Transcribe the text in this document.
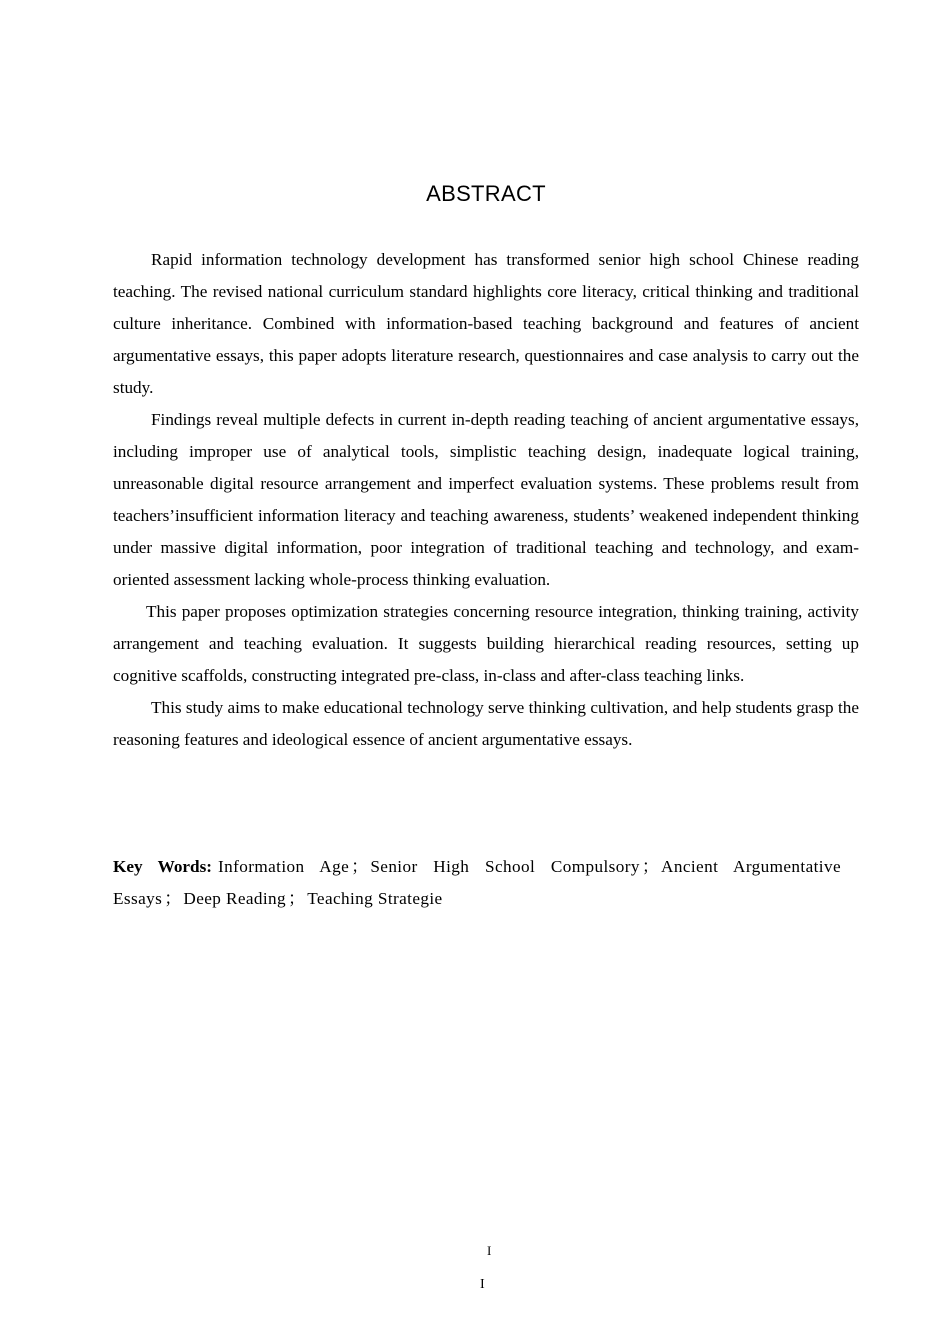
ABSTRACT

Rapid information technology development has transformed senior high school Chinese reading teaching. The revised national curriculum standard highlights core literacy, critical thinking and traditional culture inheritance. Combined with information-based teaching background and features of ancient argumentative essays, this paper adopts literature research, questionnaires and case analysis to carry out the study.

Findings reveal multiple defects in current in-depth reading teaching of ancient argumentative essays, including improper use of analytical tools, simplistic teaching design, inadequate logical training, unreasonable digital resource arrangement and imperfect evaluation systems. These problems result from teachers’insufficient information literacy and teaching awareness, students’ weakened independent thinking under massive digital information, poor integration of traditional teaching and technology, and exam-oriented assessment lacking whole-process thinking evaluation.

This paper proposes optimization strategies concerning resource integration, thinking training, activity arrangement and teaching evaluation. It suggests building hierarchical reading resources, setting up cognitive scaffolds, constructing integrated pre-class, in-class and after-class teaching links.

This study aims to make educational technology serve thinking cultivation, and help students grasp the reasoning features and ideological essence of ancient argumentative essays.

Key Words: Information Age ； Senior High School Compulsory ； Ancient Argumentative Essays ； Deep Reading ； Teaching Strategie
I
I
